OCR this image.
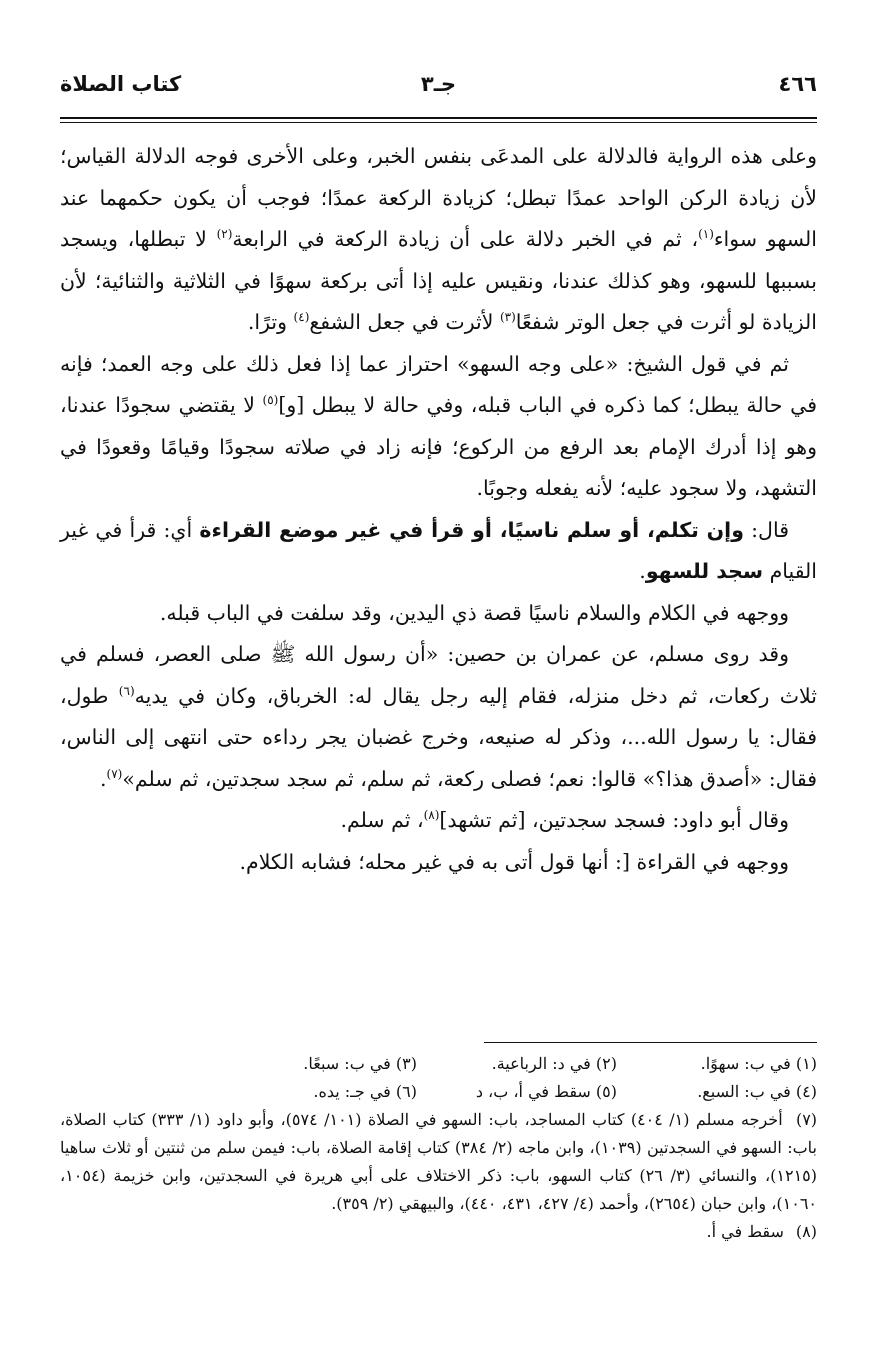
٤٦٦
جـ٣
كتاب الصلاة

وعلى هذه الرواية فالدلالة على المدعَى بنفس الخبر، وعلى الأخرى فوجه الدلالة القياس؛ لأن زيادة الركن الواحد عمدًا تبطل؛ كزيادة الركعة عمدًا؛ فوجب أن يكون حكمهما عند السهو سواء$^{(١)}$، ثم في الخبر دلالة على أن زيادة الركعة في الرابعة$^{(٢)}$ لا تبطلها، ويسجد بسببها للسهو، وهو كذلك عندنا، ونقيس عليه إذا أتى بركعة سهوًا في الثلاثية والثنائية؛ لأن الزيادة لو أثرت في جعل الوتر شفعًا$^{(٣)}$ لأثرت في جعل الشفع$^{(٤)}$ وترًا.

ثم في قول الشيخ: «على وجه السهو» احتراز عما إذا فعل ذلك على وجه العمد؛ فإنه في حالة يبطل؛ كما ذكره في الباب قبله، وفي حالة لا يبطل [و]$^{(٥)}$ لا يقتضي سجودًا عندنا، وهو إذا أدرك الإمام بعد الرفع من الركوع؛ فإنه زاد في صلاته سجودًا وقيامًا وقعودًا في التشهد، ولا سجود عليه؛ لأنه يفعله وجوبًا.

قال: وإن تكلم، أو سلم ناسيًا، أو قرأ في غير موضع القراءة أي: قرأ في غير القيام سجد للسهو.

ووجهه في الكلام والسلام ناسيًا قصة ذي اليدين، وقد سلفت في الباب قبله.

وقد روى مسلم، عن عمران بن حصين: «أن رسول الله ﷺ صلى العصر، فسلم في ثلاث ركعات، ثم دخل منزله، فقام إليه رجل يقال له: الخرباق، وكان في يديه$^{(٦)}$ طول، فقال: يا رسول الله...، وذكر له صنيعه، وخرج غضبان يجر رداءه حتى انتهى إلى الناس، فقال: «أصدق هذا؟» قالوا: نعم؛ فصلى ركعة، ثم سلم، ثم سجد سجدتين، ثم سلم»$^{(٧)}$.

وقال أبو داود: فسجد سجدتين، [ثم تشهد]$^{(٨)}$، ثم سلم.

ووجهه في القراءة [: أنها قول أتى به في غير محله؛ فشابه الكلام.

(١) في ب: سهوًا.
(٢) في د: الرباعية.
(٣) في ب: سبعًا.
(٤) في ب: السبع.
(٥) سقط في أ، ب، د
(٦) في جـ: يده.
(٧) أخرجه مسلم (١/ ٤٠٤) كتاب المساجد، باب: السهو في الصلاة (١٠١/ ٥٧٤)، وأبو داود (١/ ٣٣٣) كتاب الصلاة، باب: السهو في السجدتين (١٠٣٩)، وابن ماجه (٢/ ٣٨٤) كتاب إقامة الصلاة، باب: فيمن سلم من ثنتين أو ثلاث ساهيا (١٢١٥)، والنسائي (٣/ ٢٦) كتاب السهو، باب: ذكر الاختلاف على أبي هريرة في السجدتين، وابن خزيمة (١٠٥٤، ١٠٦٠)، وابن حبان (٢٦٥٤)، وأحمد (٤/ ٤٢٧، ٤٣١، ٤٤٠)، والبيهقي (٢/ ٣٥٩).
(٨) سقط في أ.
